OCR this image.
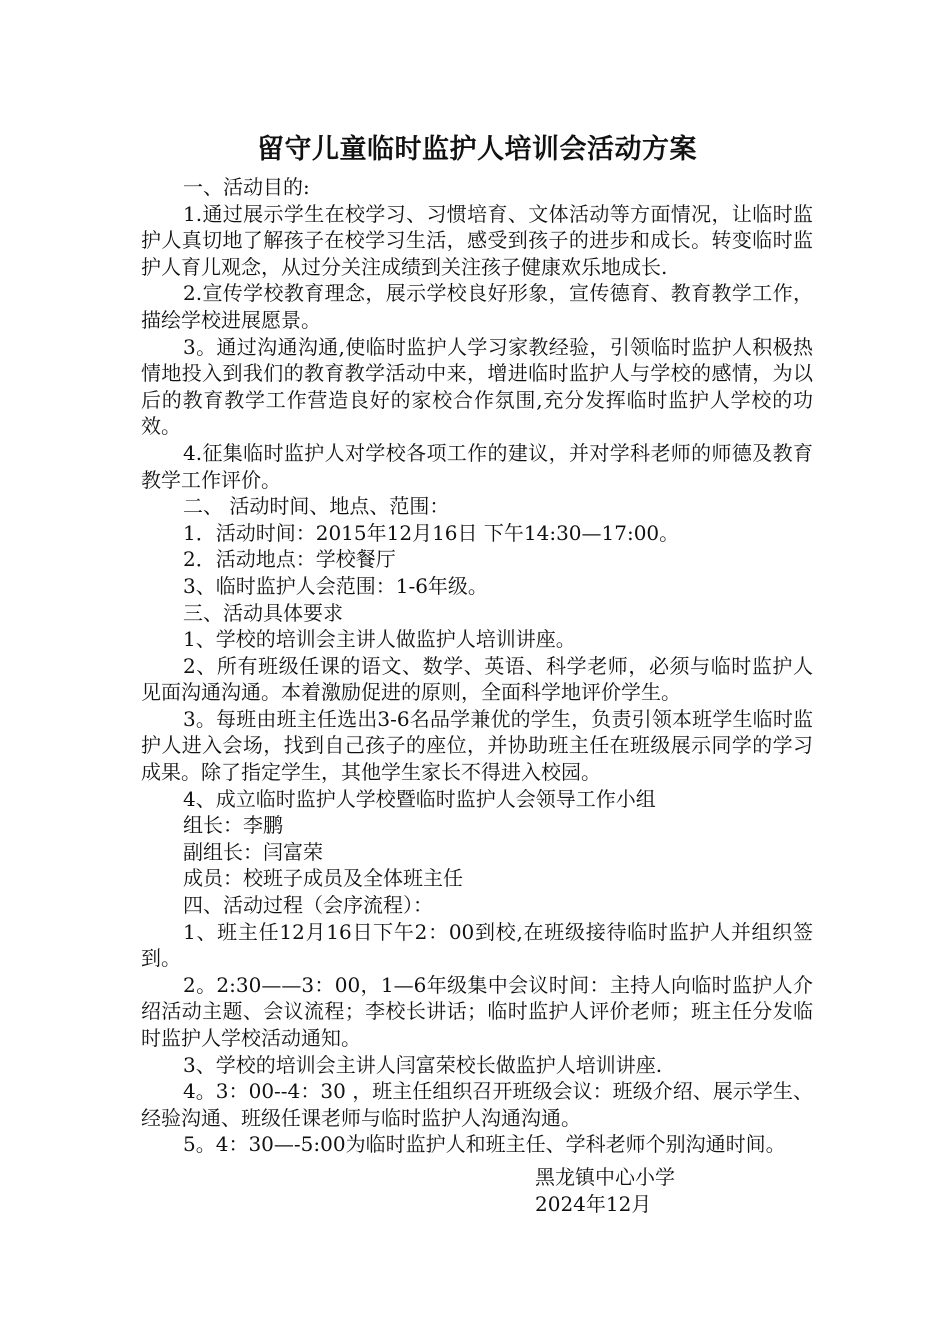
留守儿童临时监护人培训会活动方案

一、活动目的:

1.通过展示学生在校学习、习惯培育、文体活动等方面情况，让临时监护人真切地了解孩子在校学习生活，感受到孩子的进步和成长。转变临时监护人育儿观念，从过分关注成绩到关注孩子健康欢乐地成长.

2.宣传学校教育理念，展示学校良好形象，宣传德育、教育教学工作，描绘学校进展愿景。

3。通过沟通沟通,使临时监护人学习家教经验，引领临时监护人积极热情地投入到我们的教育教学活动中来，增进临时监护人与学校的感情，为以后的教育教学工作营造良好的家校合作氛围,充分发挥临时监护人学校的功效。

4.征集临时监护人对学校各项工作的建议，并对学科老师的师德及教育教学工作评价。

二、 活动时间、地点、范围：

1．活动时间：2015年12月16日 下午14:30—17:00。

2．活动地点：学校餐厅

3、临时监护人会范围：1-6年级。

三、活动具体要求

1、学校的培训会主讲人做监护人培训讲座。

2、所有班级任课的语文、数学、英语、科学老师，必须与临时监护人见面沟通沟通。本着激励促进的原则，全面科学地评价学生。

3。每班由班主任选出3-6名品学兼优的学生，负责引领本班学生临时监护人进入会场，找到自己孩子的座位，并协助班主任在班级展示同学的学习成果。除了指定学生，其他学生家长不得进入校园。

4、成立临时监护人学校暨临时监护人会领导工作小组

组长：李鹏

副组长：闫富荣

成员：校班子成员及全体班主任

四、活动过程（会序流程）：

1、班主任12月16日下午2：00到校,在班级接待临时监护人并组织签到。

2。2:30——3：00，1—6年级集中会议时间：主持人向临时监护人介绍活动主题、会议流程；李校长讲话；临时监护人评价老师；班主任分发临时监护人学校活动通知。

3、学校的培训会主讲人闫富荣校长做监护人培训讲座.

4。3：00--4：30 ，班主任组织召开班级会议：班级介绍、展示学生、经验沟通、班级任课老师与临时监护人沟通沟通。

5。4：30—-5:00为临时监护人和班主任、学科老师个别沟通时间。

黑龙镇中心小学

2024年12月
